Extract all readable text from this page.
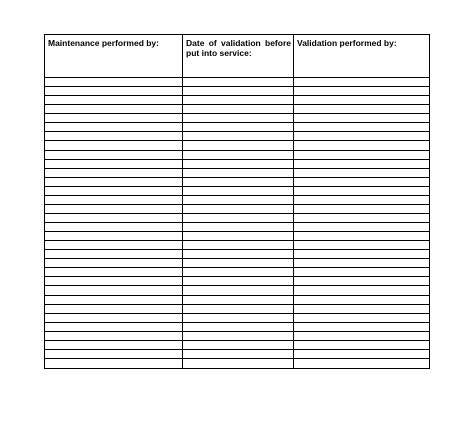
Maintenance performed by:	Date of validation before put into service:
Validation performed by:
